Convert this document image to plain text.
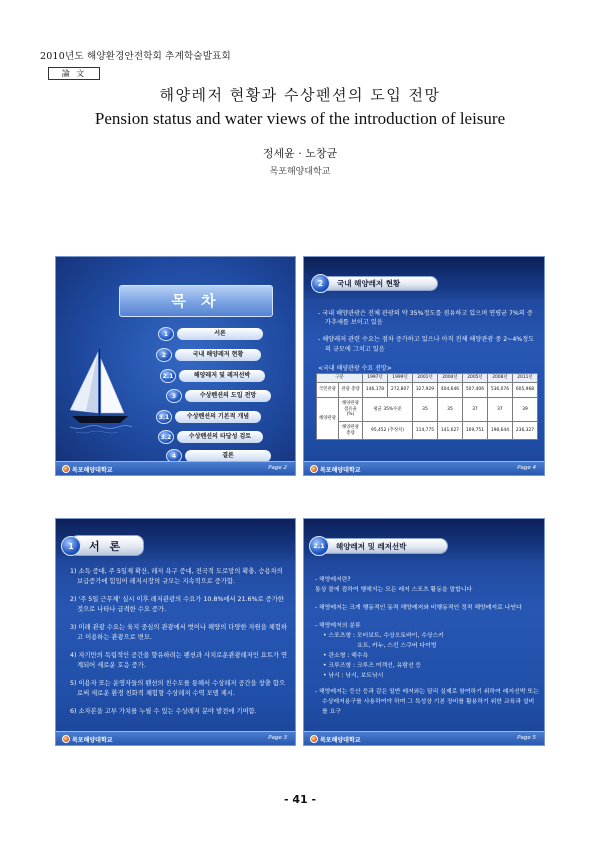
2010년도 해양환경안전학회 추계학술발표회
論 文
해양레저 현황과 수상펜션의 도입 전망
Pension status and water views of the introduction of leisure
정세윤 · 노창균
목포해양대학교
목 차
1	서론
2	국내 해양레저 현황
2.1	해양레저 및 레저선박
3	수상펜션의 도입 전망
3.1	수상펜션의 기본적 개념
3.2	수상펜션의 타당성 검토
4	결론
목포해양대학교	Page 2
국내 해양레저 현황
2

- 국내 해양관광은 전체 관광의 약 35%정도를 점유하고 있으며 연평균 7%의 증가추세를 보이고 있음

- 해양레저 관련 수요는 점차 증가하고 있으나 아직 전체 해양관광 중 2~4%정도의 규모에 그치고 있음

<국내 해양관광 수요 전망>
구분		1997년	1999년	2001년	2004년	2005년	2008년	2011년
국민관광	관광 총량	146,178	272,807	327,929	404,646	507,406	536,076	605,968
해양관광	해양관광 점유율 (%)	평균 35%수준		35	35	37	37	39
	해양관광 총량	95,452 (추정치)		114,775	141,627	169,751	198,644	236,327
목포해양대학교	Page 4
서 론
1

1) 소득 증대, 주 5일제 확산, 레저 욕구 증대, 전국적 도로망의 확충, 승용차의 보급증가에 힘입어 레저시장의 규모는 지속적으로 증가함.

2) '주 5일 근무제' 실시 이후 레저관광의 수요가 10.8%에서 21.6%로 증가한 것으로 나타나 급격한 수요 증가.

3) 미래 관광 수요는 육지 중심의 관광에서 벗어나 해양의 다양한 자원을 체험하고 이용하는 관광으로 변모.

4) 자기만의 독립적인 공간을 향유하려는 펜션과 사치로운관광레저인 요트가 연계되어 새로운 호응 증가.

5) 이용자 또는 운영자들의 펜션의 친수도를 통해서 수상레저 공간을 창출 함으로써 새로운 환경 친화적 체험형 수상레저 수역 모델 제시.

6) 소자본을 고부 가치를 누릴 수 있는 수상레저 분야 발전에 기여함.

목포해양대학교	Page 3
해양레저 및 레저선박
2.1

- 해양레저란?

통상 물에 접하여 행해지는 모든 레저 스포츠 활동을 말합니다

- 해양레저는 크게 행동적인 동적 해양레저와 비행동적인 정적 해양레저로 나뉜다

- 해양레저의 분류

• 스포츠형 : 모터보트, 수상오토바이, 수상스키

요트, 카누, 스킨 스쿠버 다이빙

• 관소형 : 해수욕

• 크루즈형 : 크루즈 여객선, 유람선 등

• 낚시 : 낚시, 보트낚시

- 해양레저는 등산 등과 같은 일반 레저와는 달리 실제로 참여하기 위하여 레저선박 또는 수상레저용구를 사용하여야 하며 그 특성상 기본 장비를 활용하기 위한 교육과 설비를 요구

목포해양대학교	Page 5
- 41 -
